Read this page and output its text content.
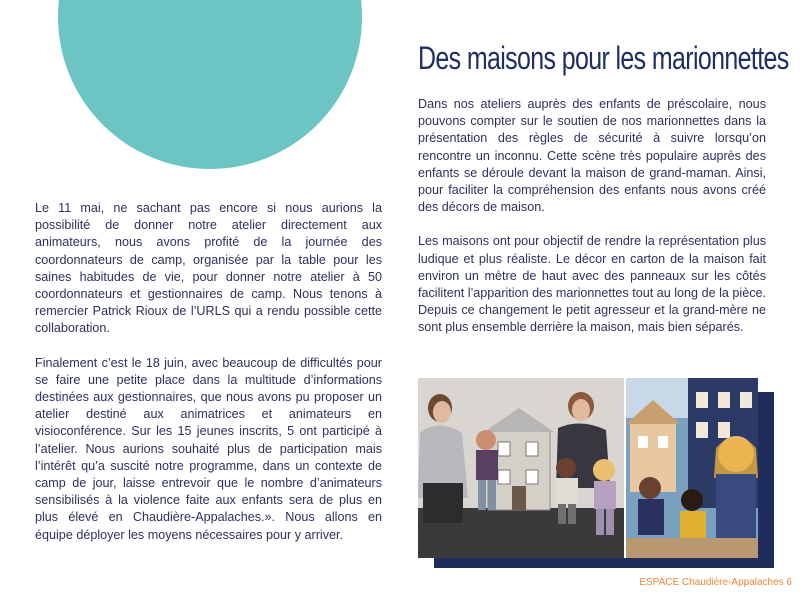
Des maisons pour les marionnettes

Le 11 mai, ne sachant pas encore si nous aurions la possibilité de donner notre atelier directement aux animateurs, nous avons profité de la journée des coordonnateurs de camp, organisée par la table pour les saines habitudes de vie, pour donner notre atelier à 50 coordonnateurs et gestionnaires de camp. Nous tenons à remercier Patrick Rioux de l’URLS qui a rendu possible cette collaboration.

Finalement c’est le 18 juin, avec beaucoup de difficultés pour se faire une petite place dans la multitude d’informations destinées aux gestionnaires, que nous avons pu proposer un atelier destiné aux animatrices et animateurs en visioconférence. Sur les 15 jeunes inscrits, 5 ont participé à l’atelier. Nous aurions souhaité plus de participation mais l’intérêt qu’a suscité notre programme, dans un contexte de camp de jour, laisse entrevoir que le nombre d’animateurs sensibilisés à la violence faite aux enfants sera de plus en plus élevé en Chaudière-Appalaches.». Nous allons en équipe déployer les moyens nécessaires pour y arriver.

Dans nos ateliers auprès des enfants de préscolaire, nous pouvons compter sur le soutien de nos marionnettes dans la présentation des règles de sécurité à suivre lorsqu’on rencontre un inconnu. Cette scène très populaire auprès des enfants se déroule devant la maison de grand-maman. Ainsi, pour faciliter la compréhension des enfants nous avons créé des décors de maison.

Les maisons ont pour objectif de rendre la représentation plus ludique et plus réaliste. Le décor en carton de la maison fait environ un mètre de haut avec des panneaux sur les côtés facilitent l’apparition des marionnettes tout au long de la pièce. Depuis ce changement le petit agresseur et la grand-mère ne sont plus ensemble derrière la maison, mais bien séparés.

ESPACE Chaudière-Appalaches 6
